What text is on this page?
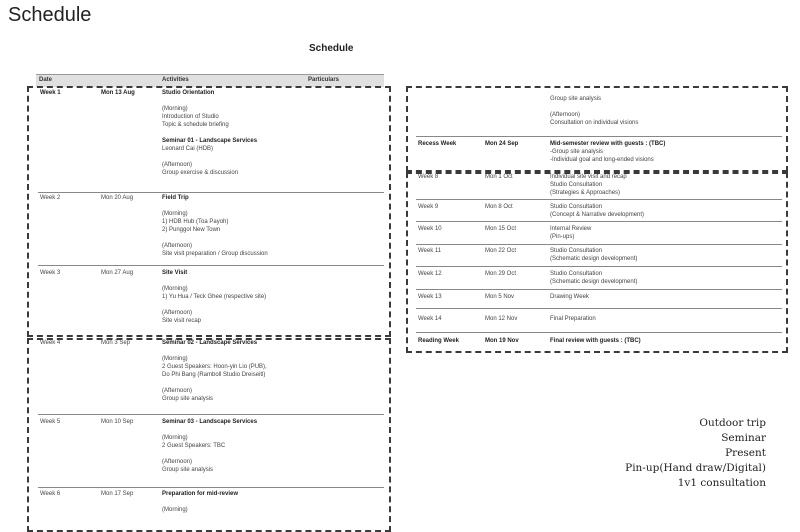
Schedule
Schedule
Date	Activities	Particulars
Week 1	Mon 13 Aug	Studio Orientation
(Morning)
Introduction of Studio
Topic & schedule briefing
Seminar 01 - Landscape Services
Leonard Cai (HDB)
(Afternoon)
Group exercise & discussion
Week 2	Mon 20 Aug	Field Trip
(Morning)
1) HDB Hub (Toa Payoh)
2) Punggol New Town
(Afternoon)
Site visit preparation / Group discussion
Week 3	Mon 27 Aug	Site Visit
(Morning)
1) Yu Hua / Teck Ghee (respective site)
(Afternoon)
Site visit recap
Week 4	Mon 3 Sep	Seminar 02 - Landscape Services
(Morning)
2 Guest Speakers: Hoon-yin Lio (PUB),
Do Phi Bang (Ramboll Studio Dreiseitl)
(Afternoon)
Group site analysis
Week 5	Mon 10 Sep	Seminar 03 - Landscape Services
(Morning)
2 Guest Speakers: TBC
(Afternoon)
Group site analysis
Week 6	Mon 17 Sep	Preparation for mid-review
(Morning)
Group site analysis
(Afternoon)
Consultation on individual visions
Recess Week	Mon 24 Sep	Mid-semester review with guests : (TBC)
-Group site analysis
-Individual goal and long-ended visions
Week 8	Mon 1 Oct	Individual site visit and recap
Studio Consultation
(Strategies & Approaches)
Week 9	Mon 8 Oct	Studio Consultation
(Concept & Narrative development)
Week 10	Mon 15 Oct	Internal Review
(Pin-ups)
Week 11	Mon 22 Oct	Studio Consultation
(Schematic design development)
Week 12	Mon 29 Oct	Studio Consultation
(Schematic design development)
Week 13	Mon 5 Nov	Drawing Week
Week 14	Mon 12 Nov	Final Preparation
Reading Week	Mon 19 Nov	Final review with guests : (TBC)
Outdoor trip
Seminar
Present
Pin-up(Hand draw/Digital)
1v1 consultation
